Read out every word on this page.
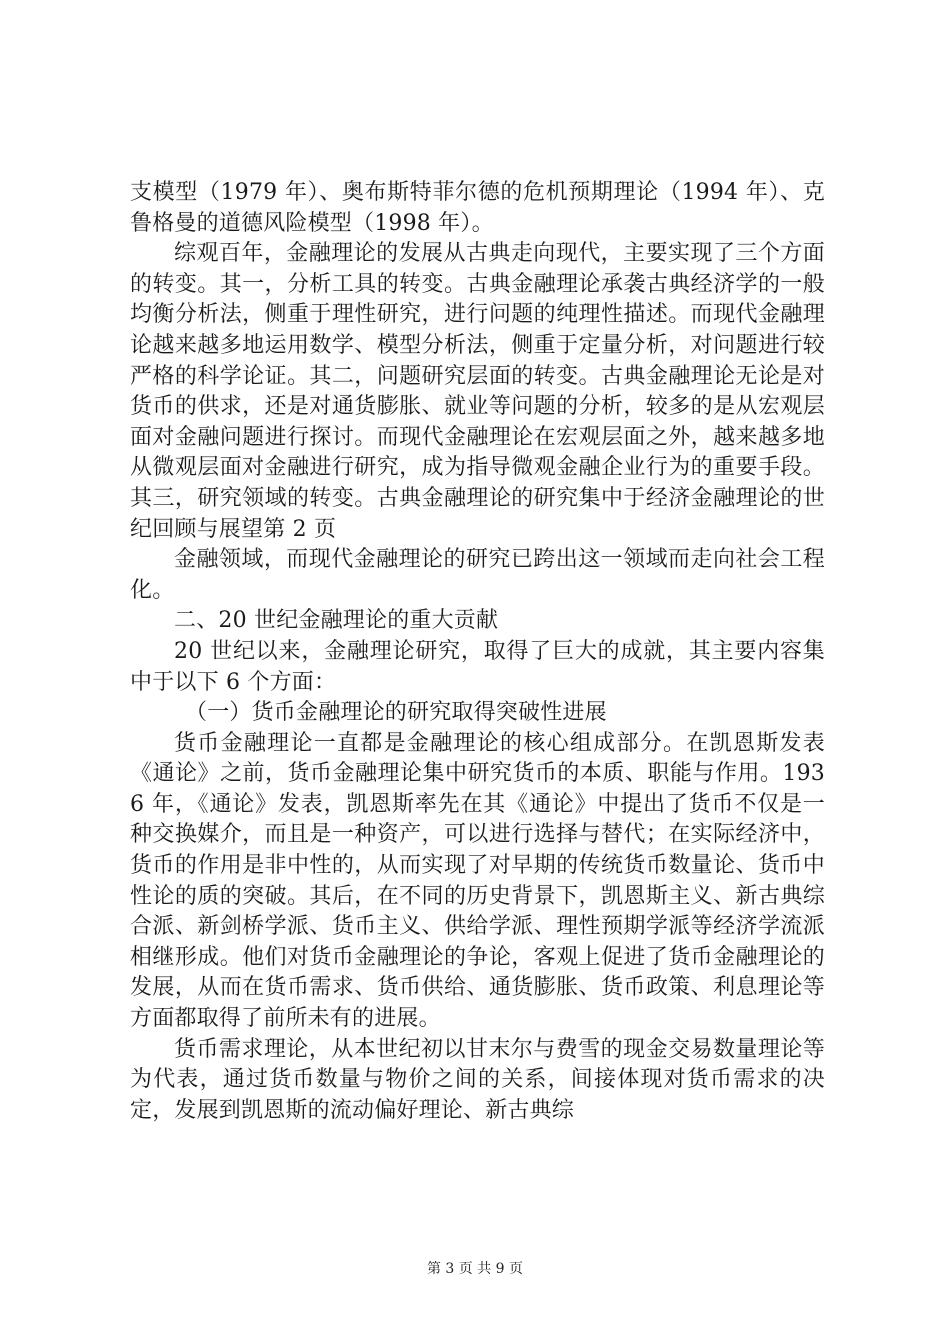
支模型（1979 年）、奥布斯特菲尔德的危机预期理论（1994 年）、克鲁格曼的道德风险模型（1998 年）。

综观百年，金融理论的发展从古典走向现代，主要实现了三个方面的转变。其一，分析工具的转变。古典金融理论承袭古典经济学的一般均衡分析法，侧重于理性研究，进行问题的纯理性描述。而现代金融理论越来越多地运用数学、模型分析法，侧重于定量分析，对问题进行较严格的科学论证。其二，问题研究层面的转变。古典金融理论无论是对货币的供求，还是对通货膨胀、就业等问题的分析，较多的是从宏观层面对金融问题进行探讨。而现代金融理论在宏观层面之外，越来越多地从微观层面对金融进行研究，成为指导微观金融企业行为的重要手段。其三，研究领域的转变。古典金融理论的研究集中于经济金融理论的世纪回顾与展望第 2 页

金融领域，而现代金融理论的研究已跨出这一领域而走向社会工程化。

二、20 世纪金融理论的重大贡献

20 世纪以来，金融理论研究，取得了巨大的成就，其主要内容集中于以下 6 个方面：

（一）货币金融理论的研究取得突破性进展

货币金融理论一直都是金融理论的核心组成部分。在凯恩斯发表《通论》之前，货币金融理论集中研究货币的本质、职能与作用。1936 年，《通论》发表，凯恩斯率先在其《通论》中提出了货币不仅是一种交换媒介，而且是一种资产，可以进行选择与替代；在实际经济中，货币的作用是非中性的，从而实现了对早期的传统货币数量论、货币中性论的质的突破。其后，在不同的历史背景下，凯恩斯主义、新古典综合派、新剑桥学派、货币主义、供给学派、理性预期学派等经济学流派相继形成。他们对货币金融理论的争论，客观上促进了货币金融理论的发展，从而在货币需求、货币供给、通货膨胀、货币政策、利息理论等方面都取得了前所未有的进展。

货币需求理论，从本世纪初以甘末尔与费雪的现金交易数量理论等为代表，通过货币数量与物价之间的关系，间接体现对货币需求的决定，发展到凯恩斯的流动偏好理论、新古典综

第 3 页 共 9 页
